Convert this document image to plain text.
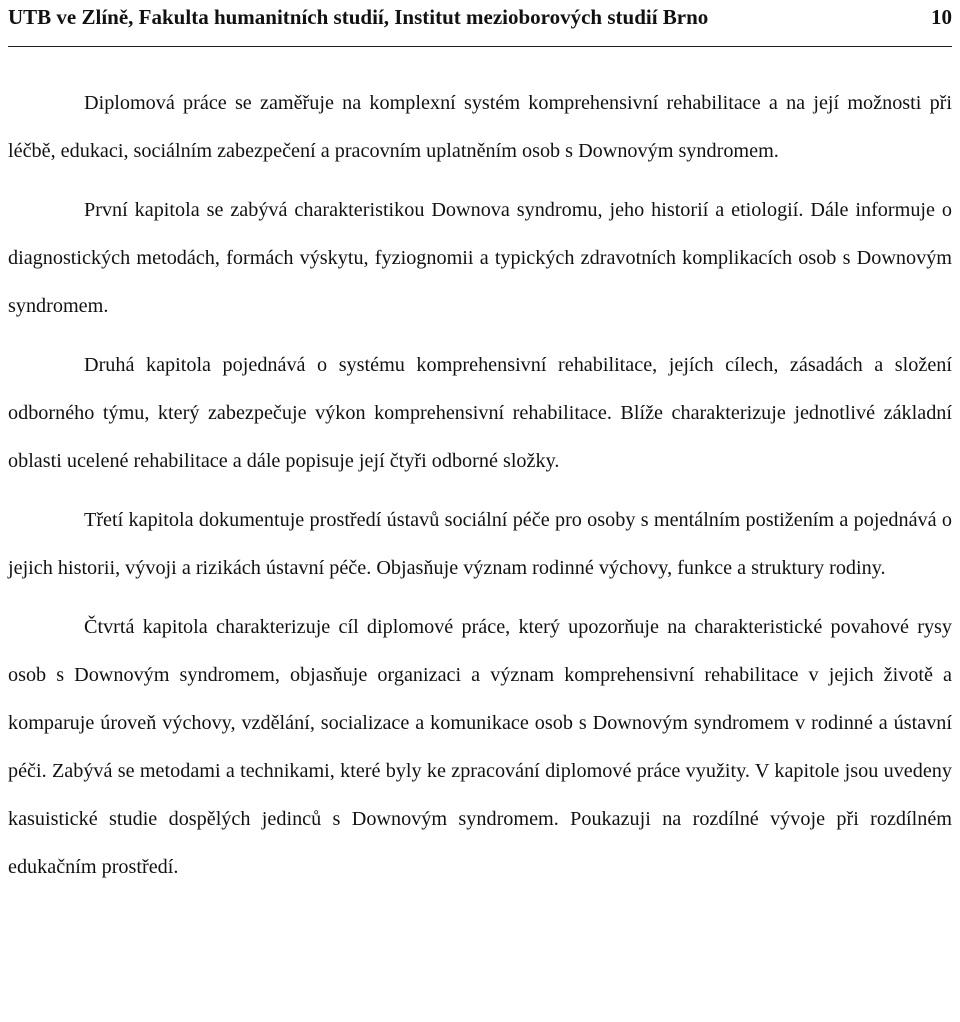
UTB ve Zlíně, Fakulta humanitních studií, Institut mezioborových studií Brno	10

Diplomová práce se zaměřuje na komplexní systém komprehensivní rehabilitace a na její možnosti při léčbě, edukaci, sociálním zabezpečení a pracovním uplatněním osob s Downovým syndromem.

První kapitola se zabývá charakteristikou Downova syndromu, jeho historií a etiologií. Dále informuje o diagnostických metodách, formách výskytu, fyziognomii a typických zdravotních komplikacích osob s Downovým syndromem.

Druhá kapitola pojednává o systému komprehensivní rehabilitace, jejích cílech, zásadách a složení odborného týmu, který zabezpečuje výkon komprehensivní rehabilitace. Blíže charakterizuje jednotlivé základní oblasti ucelené rehabilitace a dále popisuje její čtyři odborné složky.

Třetí kapitola dokumentuje prostředí ústavů sociální péče pro osoby s mentálním postižením a pojednává o jejich historii, vývoji a rizikách ústavní péče. Objasňuje význam rodinné výchovy, funkce a struktury rodiny.

Čtvrtá kapitola charakterizuje cíl diplomové práce, který upozorňuje na charakteristické povahové rysy osob s Downovým syndromem, objasňuje organizaci a význam komprehensivní rehabilitace v jejich životě a komparuje úroveň výchovy, vzdělání, socializace a komunikace osob s Downovým syndromem v rodinné a ústavní péči. Zabývá se metodami a technikami, které byly ke zpracování diplomové práce využity. V kapitole jsou uvedeny kasuistické studie dospělých jedinců s Downovým syndromem. Poukazuji na rozdílné vývoje při rozdílném edukačním prostředí.
